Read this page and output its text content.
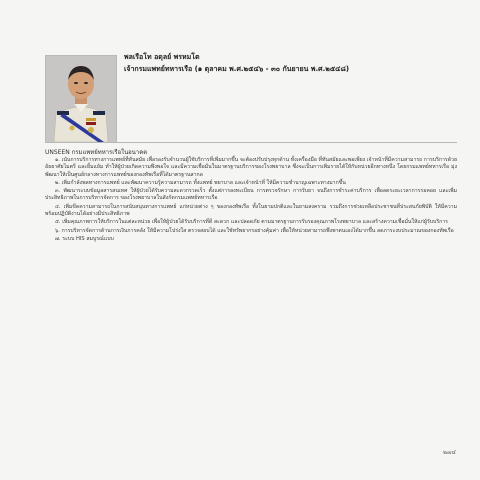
พลเรือโท อดุลย์ พรหมโต

เจ้ากรมแพทย์ทหารเรือ (๑ ตุลาคม พ.ศ.๒๕๔๖ - ๓๐ กันยายน พ.ศ.๒๕๔๘)

UNSEEN กรมแพทย์ทหารเรือในอนาคต

๑. เน้นการบริการทางการแพทย์ที่ทันสมัย เพื่อรองรับจำนวนผู้ใช้บริการที่เพิ่มมากขึ้น จะต้องปรับปรุงทุกด้าน ทั้งเครื่องมือ ที่ทันสมัยและพอเพียง เจ้าหน้าที่มีความสามารถ การบริการด้วยอัธยาศัยไมตรี และยิ้มแย้ม ทำให้ผู้ป่วยเกิดความพึงพอใจ และมีความเชื่อมั่นในมาตรฐานบริการของโรงพยาบาล ซึ่งจะเป็นการเพิ่มรายได้ให้กับหน่วยอีกทางหนึ่ง โดยกรมแพทย์ทหารเรือ มุ่งพัฒนาให้เป็นศูนย์กลางทางการแพทย์ของกองทัพเรือที่ได้มาตรฐานสากล

๒. เพิ่มกำลังพลทางการแพทย์ และพัฒนาความรู้ความสามารถ ทั้งแพทย์ พยาบาล และเจ้าหน้าที่ ให้มีความชำนาญเฉพาะทางมากขึ้น

๓. พัฒนาระบบข้อมูลสารสนเทศ ให้ผู้ป่วยได้รับความสะดวกรวดเร็ว ตั้งแต่การลงทะเบียน การตรวจรักษา การรับยา จนถึงการชำระค่าบริการ เพื่อลดระยะเวลาการรอคอย และเพิ่มประสิทธิภาพในการบริหารจัดการ ของโรงพยาบาลในสังกัดกรมแพทย์ทหารเรือ

๔. เพิ่มขีดความสามารถในการสนับสนุนทางการแพทย์ แก่หน่วยต่าง ๆ ของกองทัพเรือ ทั้งในยามปกติและในยามสงคราม รวมถึงการช่วยเหลือประชาชนที่ประสบภัยพิบัติ ให้มีความพร้อมปฏิบัติงานได้อย่างมีประสิทธิภาพ

๕. เพิ่มคุณภาพการให้บริการในแต่ละหน่วย เพื่อให้ผู้ป่วยได้รับบริการที่ดี สะดวก และปลอดภัย ตามมาตรฐานการรับรองคุณภาพโรงพยาบาล และสร้างความเชื่อมั่นให้แก่ผู้รับบริการ

๖. การบริหารจัดการด้านการเงินการคลัง ให้มีความโปร่งใส ตรวจสอบได้ และใช้ทรัพยากรอย่างคุ้มค่า เพื่อให้หน่วยสามารถพึ่งพาตนเองได้มากขึ้น ลดภาระงบประมาณของกองทัพเรือ

๗. ระบบ HIS สมบูรณ์แบบ

๒๗๔
